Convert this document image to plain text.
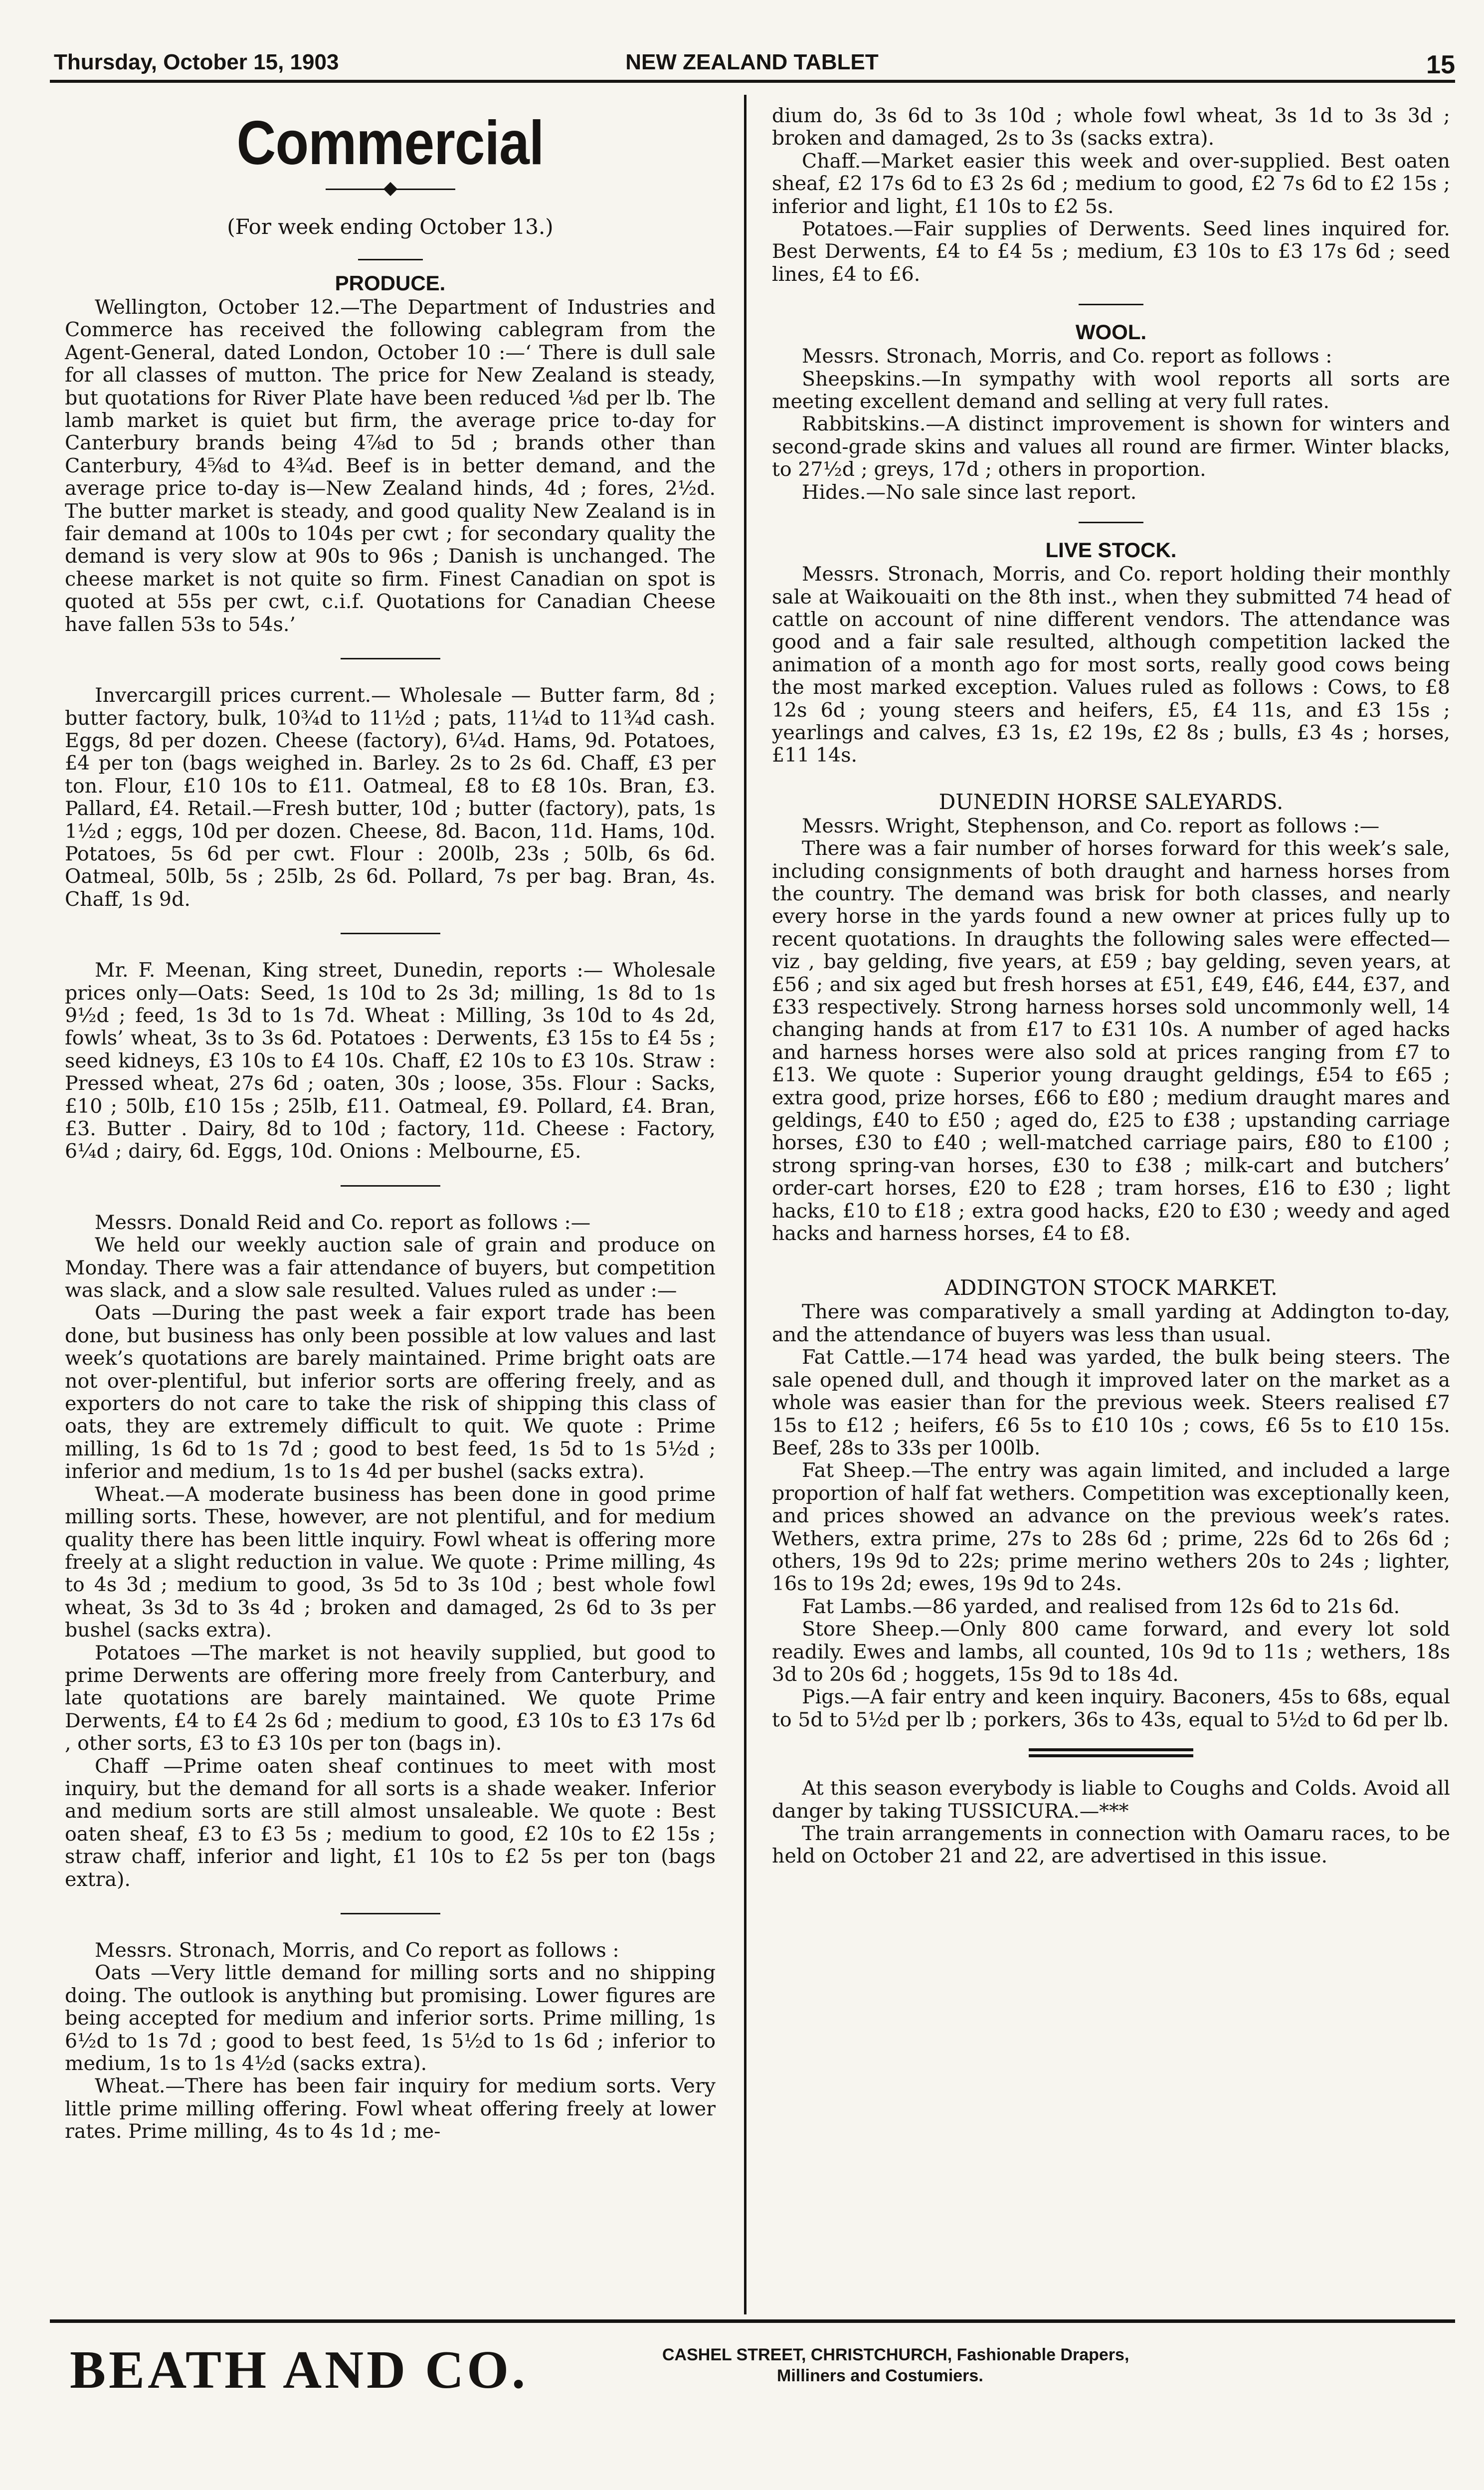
Thursday, October 15, 1903	NEW ZEALAND TABLET	15
Commercial
(For week ending October 13.)
PRODUCE.

Wellington, October 12.—The Department of Industries and Commerce has received the following cablegram from the Agent-General, dated London, October 10 :—‘ There is dull sale for all classes of mutton. The price for New Zealand is steady, but quotations for River Plate have been reduced ⅛d per lb. The lamb market is quiet but firm, the average price to-day for Canterbury brands being 4⅞d to 5d ; brands other than Canterbury, 4⅝d to 4¾d. Beef is in better demand, and the average price to-day is—New Zealand hinds, 4d ; fores, 2½d. The butter market is steady, and good quality New Zealand is in fair demand at 100s to 104s per cwt ; for secondary quality the demand is very slow at 90s to 96s ; Danish is unchanged. The cheese market is not quite so firm. Finest Canadian on spot is quoted at 55s per cwt, c.i.f. Quotations for Canadian Cheese have fallen 53s to 54s.’

Invercargill prices current.— Wholesale — Butter farm, 8d ; butter factory, bulk, 10¾d to 11½d ; pats, 11¼d to 11¾d cash. Eggs, 8d per dozen. Cheese (factory), 6¼d. Hams, 9d. Potatoes, £4 per ton (bags weighed in. Barley. 2s to 2s 6d. Chaff, £3 per ton. Flour, £10 10s to £11. Oatmeal, £8 to £8 10s. Bran, £3. Pallard, £4. Retail.—Fresh butter, 10d ; butter (factory), pats, 1s 1½d ; eggs, 10d per dozen. Cheese, 8d. Bacon, 11d. Hams, 10d. Potatoes, 5s 6d per cwt. Flour : 200lb, 23s ; 50lb, 6s 6d. Oatmeal, 50lb, 5s ; 25lb, 2s 6d. Pollard, 7s per bag. Bran, 4s. Chaff, 1s 9d.

Mr. F. Meenan, King street, Dunedin, reports :— Wholesale prices only—Oats: Seed, 1s 10d to 2s 3d; milling, 1s 8d to 1s 9½d ; feed, 1s 3d to 1s 7d. Wheat : Milling, 3s 10d to 4s 2d, fowls’ wheat, 3s to 3s 6d. Potatoes : Derwents, £3 15s to £4 5s ; seed kidneys, £3 10s to £4 10s. Chaff, £2 10s to £3 10s. Straw : Pressed wheat, 27s 6d ; oaten, 30s ; loose, 35s. Flour : Sacks, £10 ; 50lb, £10 15s ; 25lb, £11. Oatmeal, £9. Pollard, £4. Bran, £3. Butter . Dairy, 8d to 10d ; factory, 11d. Cheese : Factory, 6¼d ; dairy, 6d. Eggs, 10d. Onions : Melbourne, £5.

Messrs. Donald Reid and Co. report as follows :—

We held our weekly auction sale of grain and produce on Monday. There was a fair attendance of buyers, but competition was slack, and a slow sale resulted. Values ruled as under :—

Oats —During the past week a fair export trade has been done, but business has only been possible at low values and last week’s quotations are barely maintained. Prime bright oats are not over-plentiful, but inferior sorts are offering freely, and as exporters do not care to take the risk of shipping this class of oats, they are extremely difficult to quit. We quote : Prime milling, 1s 6d to 1s 7d ; good to best feed, 1s 5d to 1s 5½d ; inferior and medium, 1s to 1s 4d per bushel (sacks extra).

Wheat.—A moderate business has been done in good prime milling sorts. These, however, are not plentiful, and for medium quality there has been little inquiry. Fowl wheat is offering more freely at a slight reduction in value. We quote : Prime milling, 4s to 4s 3d ; medium to good, 3s 5d to 3s 10d ; best whole fowl wheat, 3s 3d to 3s 4d ; broken and damaged, 2s 6d to 3s per bushel (sacks extra).

Potatoes —The market is not heavily supplied, but good to prime Derwents are offering more freely from Canterbury, and late quotations are barely maintained. We quote Prime Derwents, £4 to £4 2s 6d ; medium to good, £3 10s to £3 17s 6d , other sorts, £3 to £3 10s per ton (bags in).

Chaff —Prime oaten sheaf continues to meet with most inquiry, but the demand for all sorts is a shade weaker. Inferior and medium sorts are still almost unsaleable. We quote : Best oaten sheaf, £3 to £3 5s ; medium to good, £2 10s to £2 15s ; straw chaff, inferior and light, £1 10s to £2 5s per ton (bags extra).

Messrs. Stronach, Morris, and Co report as follows :

Oats —Very little demand for milling sorts and no shipping doing. The outlook is anything but promising. Lower figures are being accepted for medium and inferior sorts. Prime milling, 1s 6½d to 1s 7d ; good to best feed, 1s 5½d to 1s 6d ; inferior to medium, 1s to 1s 4½d (sacks extra).

Wheat.—There has been fair inquiry for medium sorts. Very little prime milling offering. Fowl wheat offering freely at lower rates. Prime milling, 4s to 4s 1d ; me-

dium do, 3s 6d to 3s 10d ; whole fowl wheat, 3s 1d to 3s 3d ; broken and damaged, 2s to 3s (sacks extra).

Chaff.—Market easier this week and over-supplied. Best oaten sheaf, £2 17s 6d to £3 2s 6d ; medium to good, £2 7s 6d to £2 15s ; inferior and light, £1 10s to £2 5s.

Potatoes.—Fair supplies of Derwents. Seed lines inquired for. Best Derwents, £4 to £4 5s ; medium, £3 10s to £3 17s 6d ; seed lines, £4 to £6.

WOOL.

Messrs. Stronach, Morris, and Co. report as follows :

Sheepskins.—In sympathy with wool reports all sorts are meeting excellent demand and selling at very full rates.

Rabbitskins.—A distinct improvement is shown for winters and second-grade skins and values all round are firmer. Winter blacks, to 27½d ; greys, 17d ; others in proportion.

Hides.—No sale since last report.

LIVE STOCK.

Messrs. Stronach, Morris, and Co. report holding their monthly sale at Waikouaiti on the 8th inst., when they submitted 74 head of cattle on account of nine different vendors. The attendance was good and a fair sale resulted, although competition lacked the animation of a month ago for most sorts, really good cows being the most marked exception. Values ruled as follows : Cows, to £8 12s 6d ; young steers and heifers, £5, £4 11s, and £3 15s ; yearlings and calves, £3 1s, £2 19s, £2 8s ; bulls, £3 4s ; horses, £11 14s.

DUNEDIN HORSE SALEYARDS.

Messrs. Wright, Stephenson, and Co. report as follows :—

There was a fair number of horses forward for this week’s sale, including consignments of both draught and harness horses from the country. The demand was brisk for both classes, and nearly every horse in the yards found a new owner at prices fully up to recent quotations. In draughts the following sales were effected—viz , bay gelding, five years, at £59 ; bay gelding, seven years, at £56 ; and six aged but fresh horses at £51, £49, £46, £44, £37, and £33 respectively. Strong harness horses sold uncommonly well, 14 changing hands at from £17 to £31 10s. A number of aged hacks and harness horses were also sold at prices ranging from £7 to £13. We quote : Superior young draught geldings, £54 to £65 ; extra good, prize horses, £66 to £80 ; medium draught mares and geldings, £40 to £50 ; aged do, £25 to £38 ; upstanding carriage horses, £30 to £40 ; well-matched carriage pairs, £80 to £100 ; strong spring-van horses, £30 to £38 ; milk-cart and butchers’ order-cart horses, £20 to £28 ; tram horses, £16 to £30 ; light hacks, £10 to £18 ; extra good hacks, £20 to £30 ; weedy and aged hacks and harness horses, £4 to £8.

ADDINGTON STOCK MARKET.

There was comparatively a small yarding at Addington to-day, and the attendance of buyers was less than usual.

Fat Cattle.—174 head was yarded, the bulk being steers. The sale opened dull, and though it improved later on the market as a whole was easier than for the previous week. Steers realised £7 15s to £12 ; heifers, £6 5s to £10 10s ; cows, £6 5s to £10 15s. Beef, 28s to 33s per 100lb.

Fat Sheep.—The entry was again limited, and included a large proportion of half fat wethers. Competition was exceptionally keen, and prices showed an advance on the previous week’s rates. Wethers, extra prime, 27s to 28s 6d ; prime, 22s 6d to 26s 6d ; others, 19s 9d to 22s; prime merino wethers 20s to 24s ; lighter, 16s to 19s 2d; ewes, 19s 9d to 24s.

Fat Lambs.—86 yarded, and realised from 12s 6d to 21s 6d.

Store Sheep.—Only 800 came forward, and every lot sold readily. Ewes and lambs, all counted, 10s 9d to 11s ; wethers, 18s 3d to 20s 6d ; hoggets, 15s 9d to 18s 4d.

Pigs.—A fair entry and keen inquiry. Baconers, 45s to 68s, equal to 5d to 5½d per lb ; porkers, 36s to 43s, equal to 5½d to 6d per lb.

At this season everybody is liable to Coughs and Colds. Avoid all danger by taking TUSSICURA.—***

The train arrangements in connection with Oamaru races, to be held on October 21 and 22, are advertised in this issue.

BEATH AND CO.	CASHEL STREET, CHRISTCHURCH, Fashionable Drapers,
Milliners and Costumiers.
